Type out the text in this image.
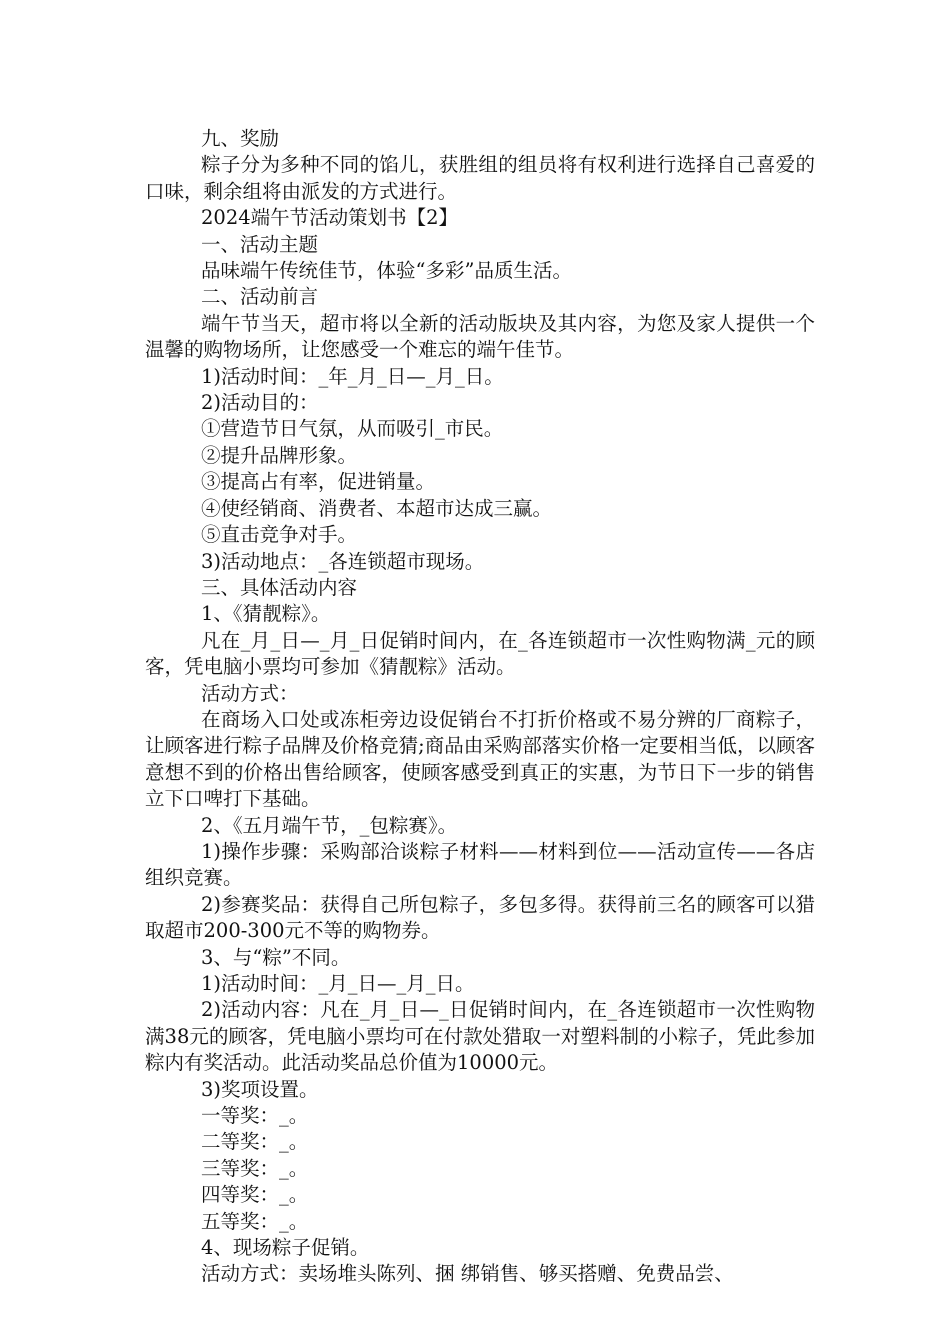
九、奖励

粽子分为多种不同的馅儿，获胜组的组员将有权利进行选择自己喜爱的口味，剩余组将由派发的方式进行。

2024端午节活动策划书【2】

一、活动主题

品味端午传统佳节，体验“多彩”品质生活。

二、活动前言

端午节当天，超市将以全新的活动版块及其内容，为您及家人提供一个温馨的购物场所，让您感受一个难忘的端午佳节。

1)活动时间：_年_月_日—_月_日。

2)活动目的：

①营造节日气氛，从而吸引_市民。

②提升品牌形象。

③提高占有率，促进销量。

④使经销商、消费者、本超市达成三赢。

⑤直击竞争对手。

3)活动地点：_各连锁超市现场。

三、具体活动内容

1、《猜靓粽》。

凡在_月_日—_月_日促销时间内，在_各连锁超市一次性购物满_元的顾客，凭电脑小票均可参加《猜靓粽》活动。

活动方式：

在商场入口处或冻柜旁边设促销台不打折价格或不易分辨的厂商粽子，让顾客进行粽子品牌及价格竞猜;商品由采购部落实价格一定要相当低，以顾客意想不到的价格出售给顾客，使顾客感受到真正的实惠，为节日下一步的销售立下口啤打下基础。

2、《五月端午节，_包粽赛》。

1)操作步骤：采购部洽谈粽子材料——材料到位——活动宣传——各店组织竞赛。

2)参赛奖品：获得自己所包粽子，多包多得。获得前三名的顾客可以猎取超市200-300元不等的购物券。

3、与“粽”不同。

1)活动时间：_月_日—_月_日。

2)活动内容：凡在_月_日—_日促销时间内，在_各连锁超市一次性购物满38元的顾客，凭电脑小票均可在付款处猎取一对塑料制的小粽子，凭此参加粽内有奖活动。此活动奖品总价值为10000元。

3)奖项设置。

一等奖：_。

二等奖：_。

三等奖：_。

四等奖：_。

五等奖：_。

4、现场粽子促销。

活动方式：卖场堆头陈列、捆 绑销售、够买搭赠、免费品尝、
